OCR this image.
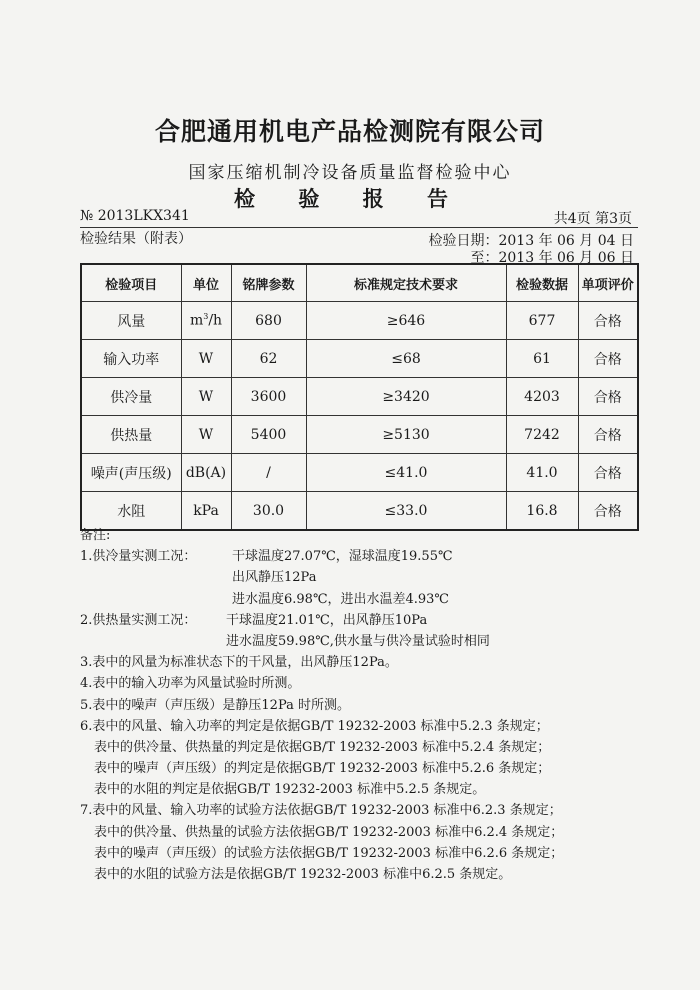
合肥通用机电产品检测院有限公司
国家压缩机制冷设备质量监督检验中心
检 验 报 告
№ 2013LKX341	共4页 第3页
检验结果（附表）	检验日期：2013 年 06 月 04 日
至：2013 年 06 月 06 日
检验项目	单位	铭牌参数	标准规定技术要求	检验数据	单项评价
风量	$m^3/h$	680	≥646	677	合格
输入功率	W	62	≤68	61	合格
供冷量	W	3600	≥3420	4203	合格
供热量	W	5400	≥5130	7242	合格
噪声(声压级)	dB(A)	/	≤41.0	41.0	合格
水阻	kPa	30.0	≤33.0	16.8	合格
备注:
1.供冷量实测工况：	干球温度27.07℃，湿球温度19.55℃
出风静压12Pa
进水温度6.98℃，进出水温差4.93℃
2.供热量实测工况： 干球温度21.01℃，出风静压10Pa
进水温度59.98℃,供水量与供冷量试验时相同
3.表中的风量为标准状态下的干风量，出风静压12Pa。
4.表中的输入功率为风量试验时所测。
5.表中的噪声（声压级）是静压12Pa 时所测。
6.表中的风量、输入功率的判定是依据GB/T 19232-2003 标准中5.2.3 条规定；
表中的供冷量、供热量的判定是依据GB/T 19232-2003 标准中5.2.4 条规定；
表中的噪声（声压级）的判定是依据GB/T 19232-2003 标准中5.2.6 条规定；
表中的水阻的判定是依据GB/T 19232-2003 标准中5.2.5 条规定。
7.表中的风量、输入功率的试验方法依据GB/T 19232-2003 标准中6.2.3 条规定；
表中的供冷量、供热量的试验方法依据GB/T 19232-2003 标准中6.2.4 条规定；
表中的噪声（声压级）的试验方法依据GB/T 19232-2003 标准中6.2.6 条规定；
表中的水阻的试验方法是依据GB/T 19232-2003 标准中6.2.5 条规定。
